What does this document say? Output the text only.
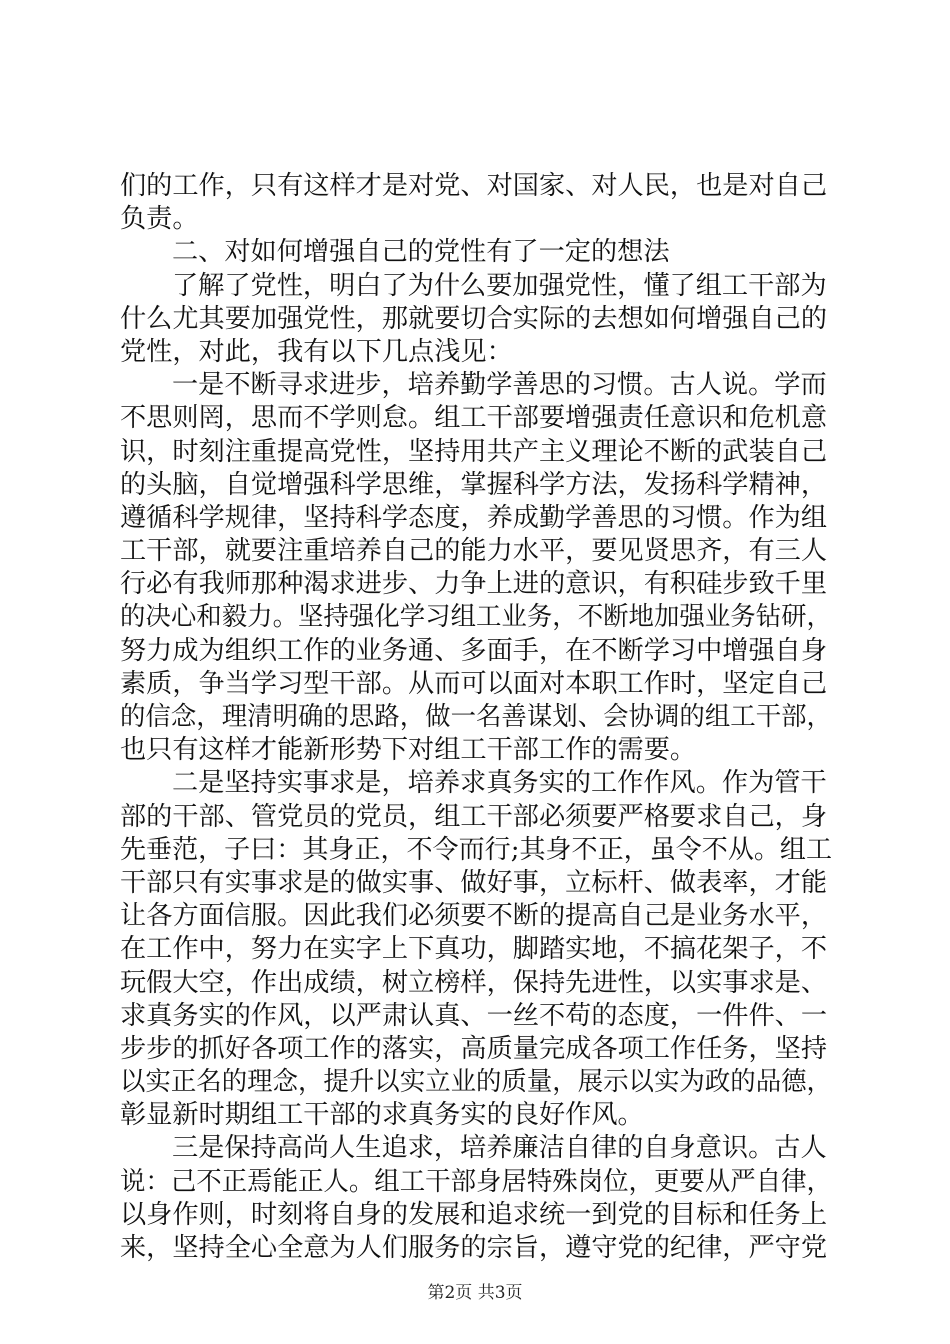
们的工作，只有这样才是对党、对国家、对人民，也是对自己
负责。
二、对如何增强自己的党性有了一定的想法
了解了党性，明白了为什么要加强党性，懂了组工干部为
什么尤其要加强党性，那就要切合实际的去想如何增强自己的
党性，对此，我有以下几点浅见：
一是不断寻求进步，培养勤学善思的习惯。古人说。学而
不思则罔，思而不学则怠。组工干部要增强责任意识和危机意
识，时刻注重提高党性，坚持用共产主义理论不断的武装自己
的头脑，自觉增强科学思维，掌握科学方法，发扬科学精神，
遵循科学规律，坚持科学态度，养成勤学善思的习惯。作为组
工干部，就要注重培养自己的能力水平，要见贤思齐，有三人
行必有我师那种渴求进步、力争上进的意识，有积硅步致千里
的决心和毅力。坚持强化学习组工业务，不断地加强业务钻研，
努力成为组织工作的业务通、多面手，在不断学习中增强自身
素质，争当学习型干部。从而可以面对本职工作时，坚定自己
的信念，理清明确的思路，做一名善谋划、会协调的组工干部，
也只有这样才能新形势下对组工干部工作的需要。
二是坚持实事求是，培养求真务实的工作作风。作为管干
部的干部、管党员的党员，组工干部必须要严格要求自己，身
先垂范，子曰：其身正，不令而行;其身不正，虽令不从。组工
干部只有实事求是的做实事、做好事，立标杆、做表率，才能
让各方面信服。因此我们必须要不断的提高自己是业务水平，
在工作中，努力在实字上下真功，脚踏实地，不搞花架子，不
玩假大空，作出成绩，树立榜样，保持先进性，以实事求是、
求真务实的作风，以严肃认真、一丝不苟的态度，一件件、一
步步的抓好各项工作的落实，高质量完成各项工作任务，坚持
以实正名的理念，提升以实立业的质量，展示以实为政的品德，
彰显新时期组工干部的求真务实的良好作风。
三是保持高尚人生追求，培养廉洁自律的自身意识。古人
说：己不正焉能正人。组工干部身居特殊岗位，更要从严自律，
以身作则，时刻将自身的发展和追求统一到党的目标和任务上
来，坚持全心全意为人们服务的宗旨，遵守党的纪律，严守党
第2页 共3页
